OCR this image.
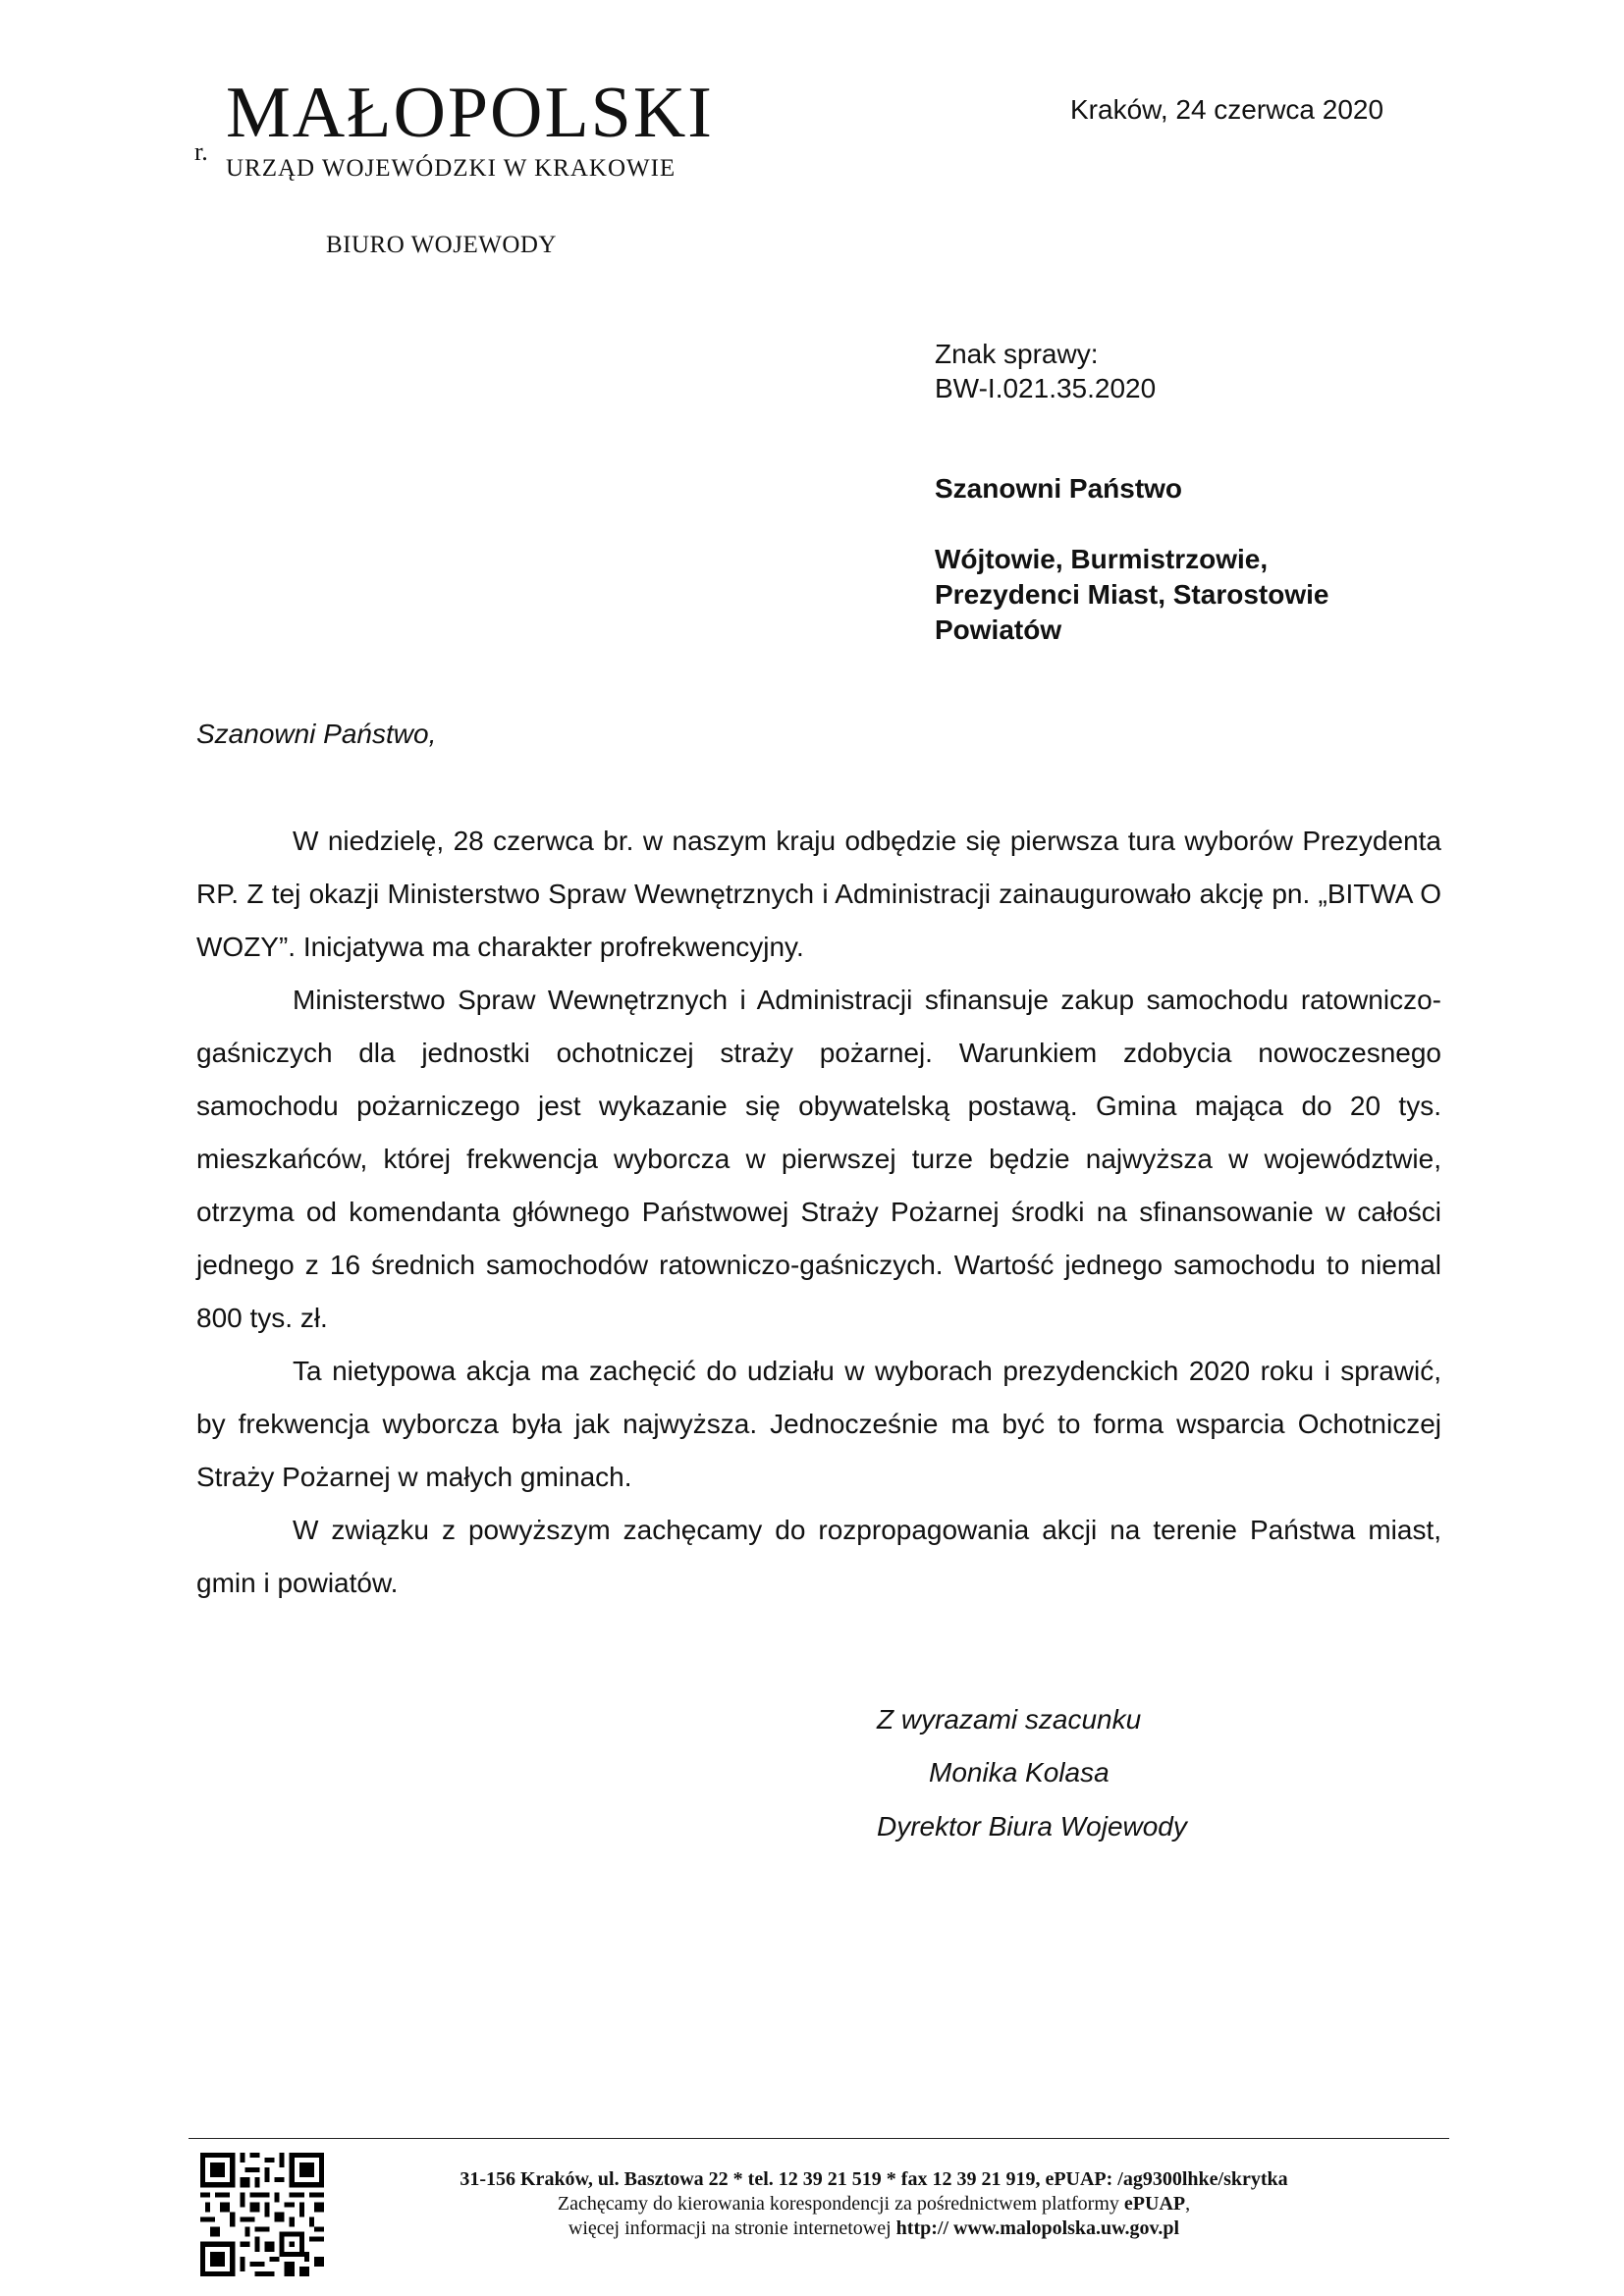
r. MAŁOPOLSKI
URZĄD WOJEWÓDZKI W KRAKOWIE
BIURO WOJEWODY
Kraków, 24 czerwca 2020
Znak sprawy:
BW-I.021.35.2020
Szanowni Państwo
Wójtowie, Burmistrzowie,
Prezydenci Miast, Starostowie
Powiatów
Szanowni Państwo,

W niedzielę, 28 czerwca br. w naszym kraju odbędzie się pierwsza tura wyborów Prezydenta RP. Z tej okazji Ministerstwo Spraw Wewnętrznych i Administracji zainaugurowało akcję pn. „BITWA O WOZY”. Inicjatywa ma charakter profrekwencyjny.

Ministerstwo Spraw Wewnętrznych i Administracji sfinansuje zakup samochodu ratowniczo-gaśniczych dla jednostki ochotniczej straży pożarnej. Warunkiem zdobycia nowoczesnego samochodu pożarniczego jest wykazanie się obywatelską postawą. Gmina mająca do 20 tys. mieszkańców, której frekwencja wyborcza w pierwszej turze będzie najwyższa w województwie, otrzyma od komendanta głównego Państwowej Straży Pożarnej środki na sfinansowanie w całości jednego z 16 średnich samochodów ratowniczo-gaśniczych. Wartość jednego samochodu to niemal 800 tys. zł.

Ta nietypowa akcja ma zachęcić do udziału w wyborach prezydenckich 2020 roku i sprawić, by frekwencja wyborcza była jak najwyższa. Jednocześnie ma być to forma wsparcia Ochotniczej Straży Pożarnej w małych gminach.

W związku z powyższym zachęcamy do rozpropagowania akcji na terenie Państwa miast, gmin i powiatów.

Z wyrazami szacunku
Monika Kolasa
Dyrektor Biura Wojewody
31-156 Kraków, ul. Basztowa 22 * tel. 12 39 21 519 * fax 12 39 21 919, ePUAP: /ag9300lhke/skrytka
Zachęcamy do kierowania korespondencji za pośrednictwem platformy ePUAP,
więcej informacji na stronie internetowej http:// www.malopolska.uw.gov.pl
